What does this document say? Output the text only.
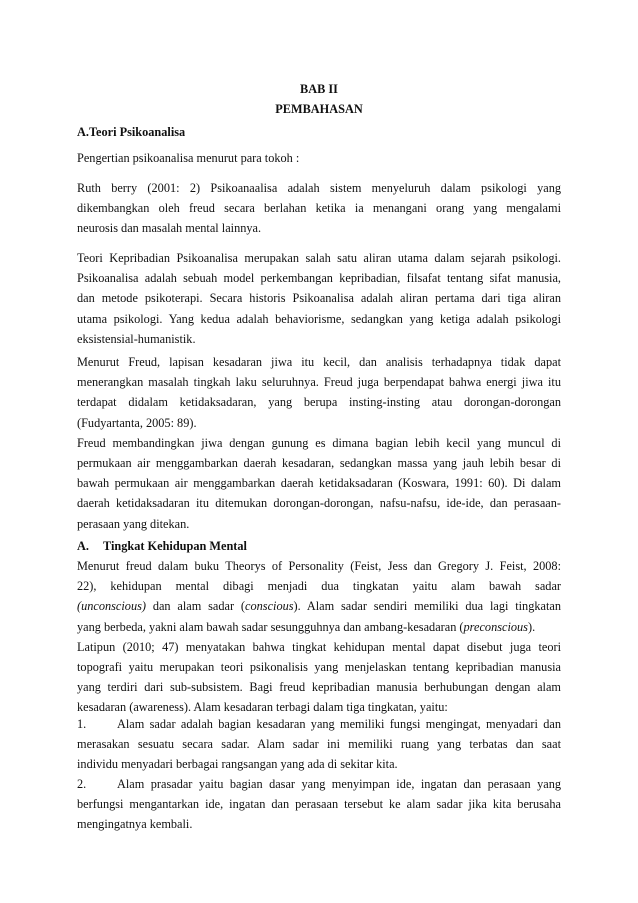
BAB II
PEMBAHASAN
A.Teori Psikoanalisa
Pengertian psikoanalisa menurut para tokoh :
Ruth berry (2001: 2) Psikoanaalisa adalah sistem menyeluruh dalam psikologi yang
dikembangkan oleh freud secara berlahan ketika ia menangani orang yang mengalami
neurosis dan masalah mental lainnya.
Teori Kepribadian Psikoanalisa merupakan salah satu aliran utama dalam sejarah psikologi.
Psikoanalisa adalah sebuah model perkembangan kepribadian, filsafat tentang sifat manusia,
dan metode psikoterapi. Secara historis Psikoanalisa adalah aliran pertama dari tiga aliran
utama psikologi. Yang kedua adalah behaviorisme, sedangkan yang ketiga adalah psikologi
eksistensial-humanistik.
Menurut Freud, lapisan kesadaran jiwa itu kecil, dan analisis terhadapnya tidak dapat
menerangkan masalah tingkah laku seluruhnya. Freud juga berpendapat bahwa energi jiwa itu
terdapat didalam ketidaksadaran, yang berupa insting-insting atau dorongan-dorongan
(Fudyartanta, 2005: 89).
Freud membandingkan jiwa dengan gunung es dimana bagian lebih kecil yang muncul di
permukaan air menggambarkan daerah kesadaran, sedangkan massa yang jauh lebih besar di
bawah permukaan air menggambarkan daerah ketidaksadaran (Koswara, 1991: 60). Di dalam
daerah ketidaksadaran itu ditemukan dorongan-dorongan, nafsu-nafsu, ide-ide, dan perasaan-
perasaan yang ditekan.
A. Tingkat Kehidupan Mental
Menurut freud dalam buku Theorys of Personality (Feist, Jess dan Gregory J. Feist, 2008:
22), kehidupan mental dibagi menjadi dua tingkatan yaitu alam bawah sadar
(unconscious) dan alam sadar (conscious). Alam sadar sendiri memiliki dua lagi tingkatan
yang berbeda, yakni alam bawah sadar sesungguhnya dan ambang-kesadaran (preconscious).
Latipun (2010; 47) menyatakan bahwa tingkat kehidupan mental dapat disebut juga teori
topografi yaitu merupakan teori psikonalisis yang menjelaskan tentang kepribadian manusia
yang terdiri dari sub-subsistem. Bagi freud kepribadian manusia berhubungan dengan alam
kesadaran (awareness). Alam kesadaran terbagi dalam tiga tingkatan, yaitu:
1.	Alam sadar adalah bagian kesadaran yang memiliki fungsi mengingat, menyadari dan
merasakan sesuatu secara sadar. Alam sadar ini memiliki ruang yang terbatas dan saat
individu menyadari berbagai rangsangan yang ada di sekitar kita.
2.	Alam prasadar yaitu bagian dasar yang menyimpan ide, ingatan dan perasaan yang
berfungsi mengantarkan ide, ingatan dan perasaan tersebut ke alam sadar jika kita berusaha
mengingatnya kembali.
